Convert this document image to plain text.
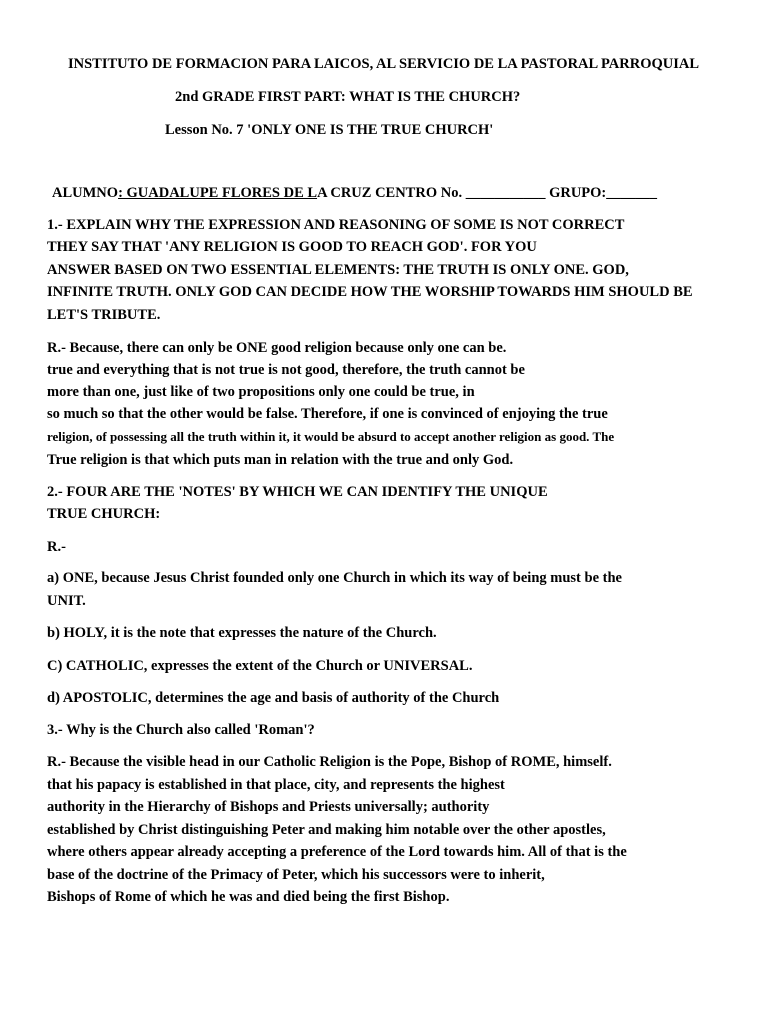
INSTITUTO DE FORMACION PARA LAICOS, AL SERVICIO DE LA PASTORAL PARROQUIAL
2nd GRADE FIRST PART: WHAT IS THE CHURCH?
Lesson No. 7 'ONLY ONE IS THE TRUE CHURCH'
ALUMNO: GUADALUPE FLORES DE LA CRUZ CENTRO No. ___________ GRUPO:_______
1.- EXPLAIN WHY THE EXPRESSION AND REASONING OF SOME IS NOT CORRECT
THEY SAY THAT 'ANY RELIGION IS GOOD TO REACH GOD'. FOR YOU
ANSWER BASED ON TWO ESSENTIAL ELEMENTS: THE TRUTH IS ONLY ONE. GOD,
INFINITE TRUTH. ONLY GOD CAN DECIDE HOW THE WORSHIP TOWARDS HIM SHOULD BE
LET'S TRIBUTE.
R.- Because, there can only be ONE good religion because only one can be.
true and everything that is not true is not good, therefore, the truth cannot be
more than one, just like of two propositions only one could be true, in
so much so that the other would be false. Therefore, if one is convinced of enjoying the true
religion, of possessing all the truth within it, it would be absurd to accept another religion as good. The
True religion is that which puts man in relation with the true and only God.
2.- FOUR ARE THE 'NOTES' BY WHICH WE CAN IDENTIFY THE UNIQUE
TRUE CHURCH:
R.-
a) ONE, because Jesus Christ founded only one Church in which its way of being must be the
UNIT.
b) HOLY, it is the note that expresses the nature of the Church.
C) CATHOLIC, expresses the extent of the Church or UNIVERSAL.
d) APOSTOLIC, determines the age and basis of authority of the Church
3.- Why is the Church also called 'Roman'?
R.- Because the visible head in our Catholic Religion is the Pope, Bishop of ROME, himself.
that his papacy is established in that place, city, and represents the highest
authority in the Hierarchy of Bishops and Priests universally; authority
established by Christ distinguishing Peter and making him notable over the other apostles,
where others appear already accepting a preference of the Lord towards him. All of that is the
base of the doctrine of the Primacy of Peter, which his successors were to inherit,
Bishops of Rome of which he was and died being the first Bishop.
